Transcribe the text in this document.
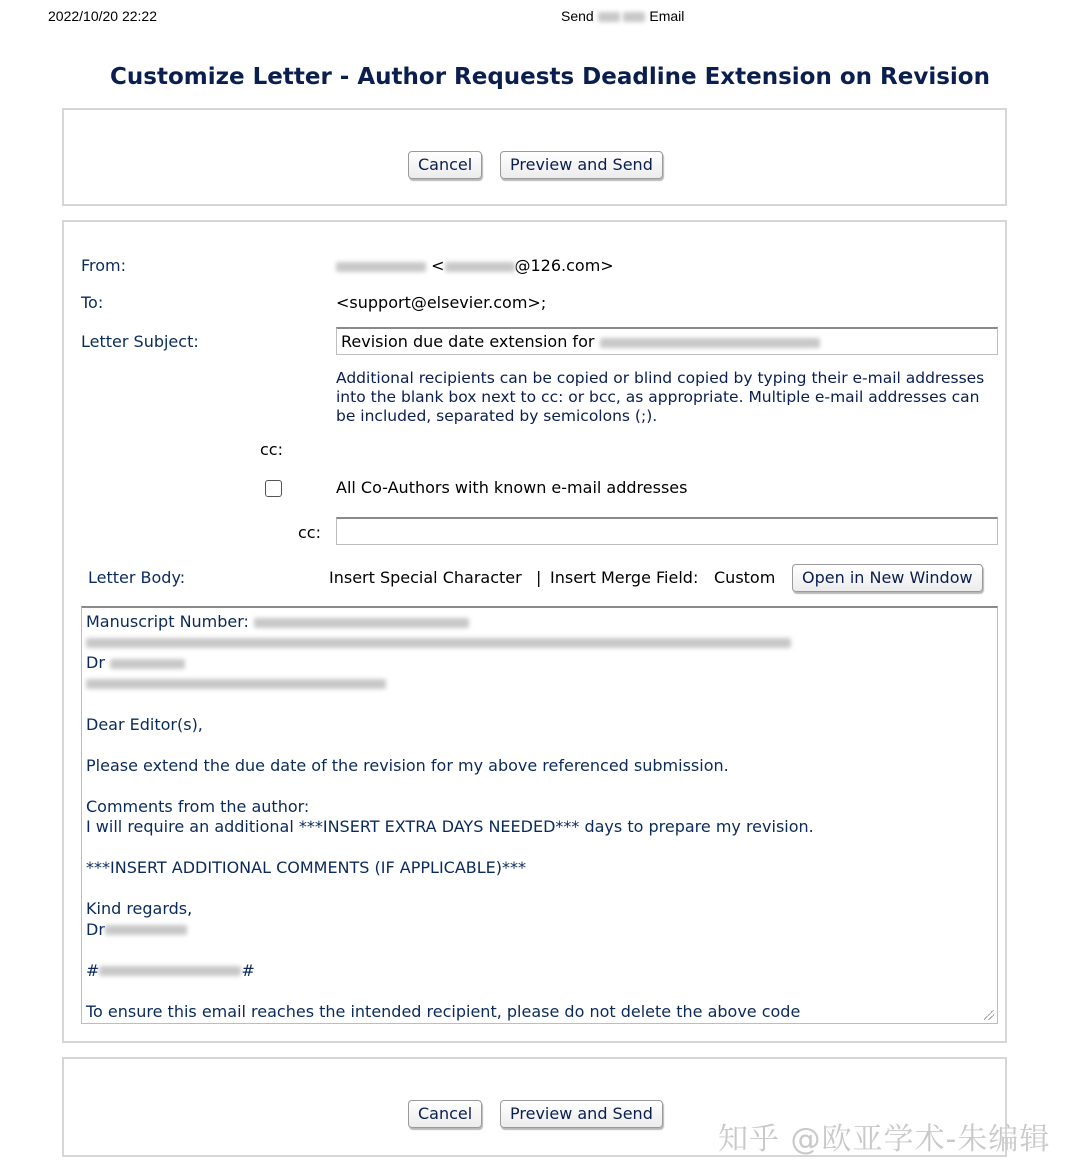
2022/10/20 22:22	Send	Email
Customize Letter - Author Requests Deadline Extension on Revision
Cancel	Preview and Send
From:	<	@126.com>
To:	<support@elsevier.com>;
Letter Subject:	Revision due date extension for
Additional recipients can be copied or blind copied by typing their e-mail addresses into the blank box next to cc: or bcc, as appropriate. Multiple e-mail addresses can be included, separated by semicolons (;).
cc:
All Co-Authors with known e-mail addresses
cc:
Letter Body:	Insert Special Character | Insert Merge Field: Custom	Open in New Window
Manuscript Number:
Dr
Dear Editor(s),
Please extend the due date of the revision for my above referenced submission.
Comments from the author:
I will require an additional ***INSERT EXTRA DAYS NEEDED*** days to prepare my revision.
***INSERT ADDITIONAL COMMENTS (IF APPLICABLE)***
Kind regards,
Dr
#	#
To ensure this email reaches the intended recipient, please do not delete the above code
Cancel	Preview and Send
知乎 @欧亚学术-朱编辑
